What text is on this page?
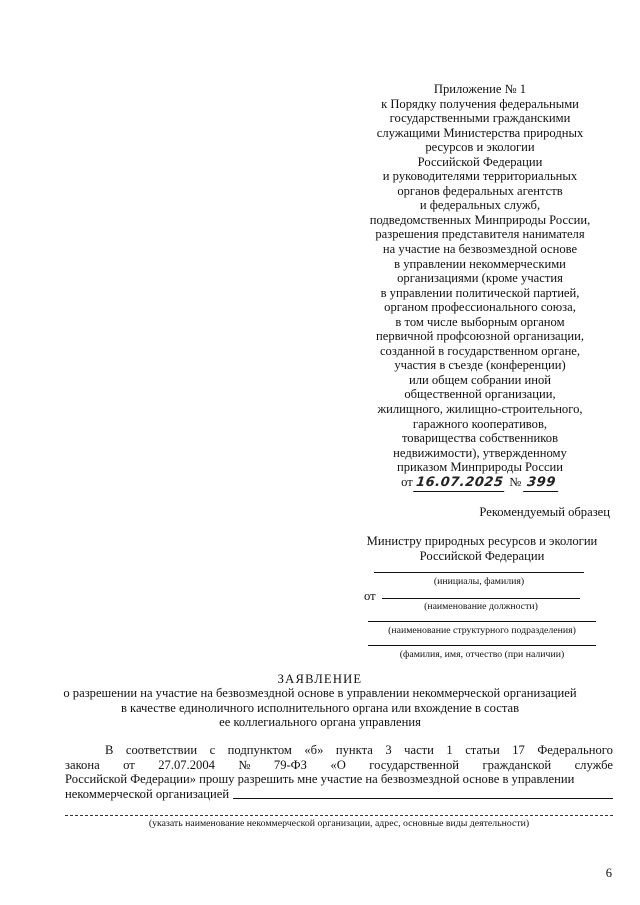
Приложение № 1
к Порядку получения федеральными
государственными гражданскими
служащими Министерства природных
ресурсов и экологии
Российской Федерации
и руководителями территориальных
органов федеральных агентств
и федеральных служб,
подведомственных Минприроды России,
разрешения представителя нанимателя
на участие на безвозмездной основе
в управлении некоммерческими
организациями (кроме участия
в управлении политической партией,
органом профессионального союза,
в том числе выборным органом
первичной профсоюзной организации,
созданной в государственном органе,
участия в съезде (конференции)
или общем собрании иной
общественной организации,
жилищного, жилищно-строительного,
гаражного кооперативов,
товарищества собственников
недвижимости), утвержденному
приказом Минприроды России
от 16.07.2025 № 399
Рекомендуемый образец
Министру природных ресурсов и экологии
Российской Федерации
(инициалы, фамилия)
от
(наименование должности)
(наименование структурного подразделения)
(фамилия, имя, отчество (при наличии)
ЗАЯВЛЕНИЕ
о разрешении на участие на безвозмездной основе в управлении некоммерческой организацией
в качестве единоличного исполнительного органа или вхождение в состав
ее коллегиального органа управления
В соответствии с подпунктом «б» пункта 3 части 1 статьи 17 Федерального
закона от 27.07.2004 № 79-ФЗ «О государственной гражданской службе
Российской Федерации» прошу разрешить мне участие на безвозмездной основе в управлении
некоммерческой организацией
(указать наименование некоммерческой организации, адрес, основные виды деятельности)
6
